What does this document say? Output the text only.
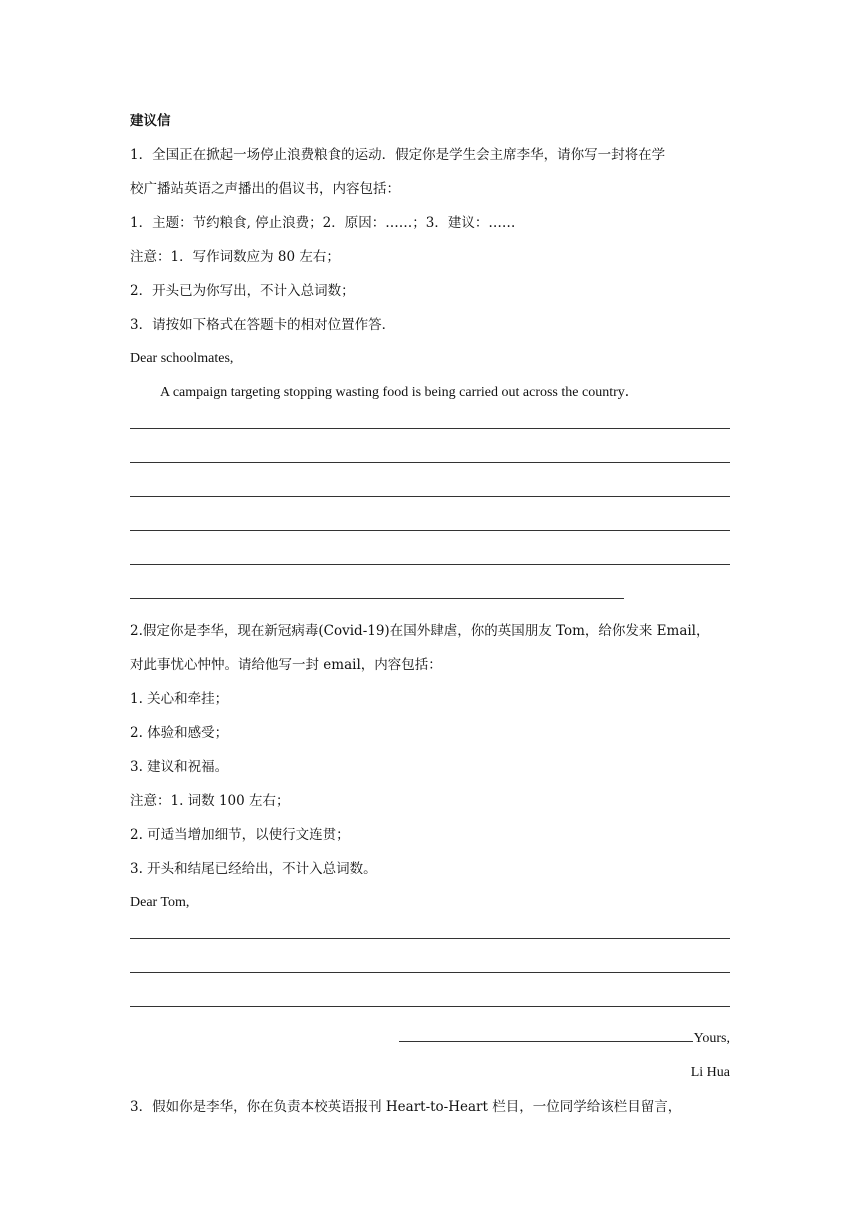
建议信
1．全国正在掀起一场停止浪费粮食的运动．假定你是学生会主席李华，请你写一封将在学
校广播站英语之声播出的倡议书，内容包括：
1．主题：节约粮食, 停止浪费；2．原因：……；3．建议：……
注意：1．写作词数应为 80 左右；
2．开头已为你写出，不计入总词数；
3．请按如下格式在答题卡的相对位置作答．
Dear schoolmates,
A campaign targeting stopping wasting food is being carried out across the country．
2.假定你是李华，现在新冠病毒(Covid-19)在国外肆虐，你的英国朋友 Tom，给你发来 Email，
对此事忧心忡忡。请给他写一封 email，内容包括：
1. 关心和牵挂；
2. 体验和感受；
3. 建议和祝福。
注意：1. 词数 100 左右；
2. 可适当增加细节，以使行文连贯；
3. 开头和结尾已经给出，不计入总词数。
Dear Tom,
Yours,
Li Hua
3．假如你是李华，你在负责本校英语报刊 Heart-to-Heart 栏目，一位同学给该栏目留言，
